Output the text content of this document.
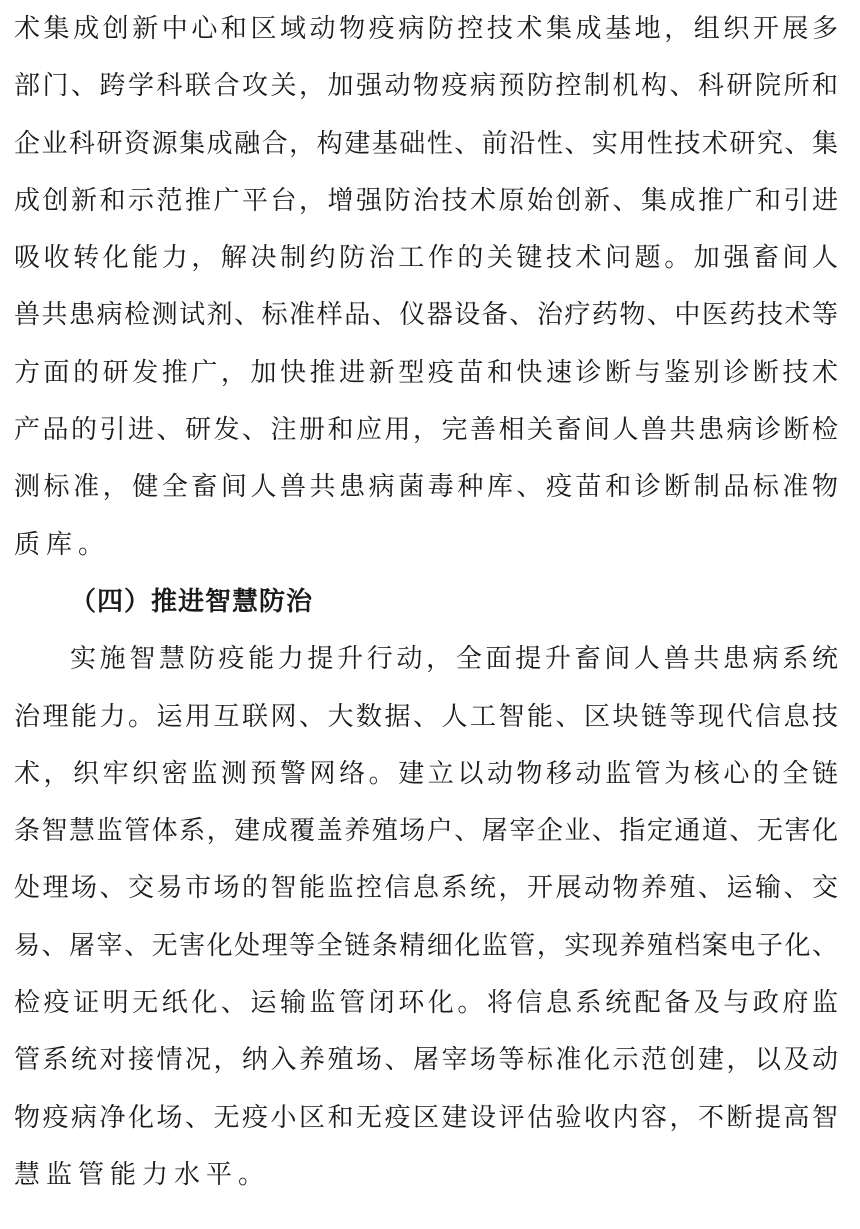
术集成创新中心和区域动物疫病防控技术集成基地，组织开展多
部门、跨学科联合攻关，加强动物疫病预防控制机构、科研院所和
企业科研资源集成融合，构建基础性、前沿性、实用性技术研究、集
成创新和示范推广平台，增强防治技术原始创新、集成推广和引进
吸收转化能力，解决制约防治工作的关键技术问题。加强畜间人
兽共患病检测试剂、标准样品、仪器设备、治疗药物、中医药技术等
方面的研发推广，加快推进新型疫苗和快速诊断与鉴别诊断技术
产品的引进、研发、注册和应用，完善相关畜间人兽共患病诊断检
测标准，健全畜间人兽共患病菌毒种库、疫苗和诊断制品标准物
质库。
（四）推进智慧防治
实施智慧防疫能力提升行动，全面提升畜间人兽共患病系统
治理能力。运用互联网、大数据、人工智能、区块链等现代信息技
术，织牢织密监测预警网络。建立以动物移动监管为核心的全链
条智慧监管体系，建成覆盖养殖场户、屠宰企业、指定通道、无害化
处理场、交易市场的智能监控信息系统，开展动物养殖、运输、交
易、屠宰、无害化处理等全链条精细化监管，实现养殖档案电子化、
检疫证明无纸化、运输监管闭环化。将信息系统配备及与政府监
管系统对接情况，纳入养殖场、屠宰场等标准化示范创建，以及动
物疫病净化场、无疫小区和无疫区建设评估验收内容，不断提高智
慧监管能力水平。
